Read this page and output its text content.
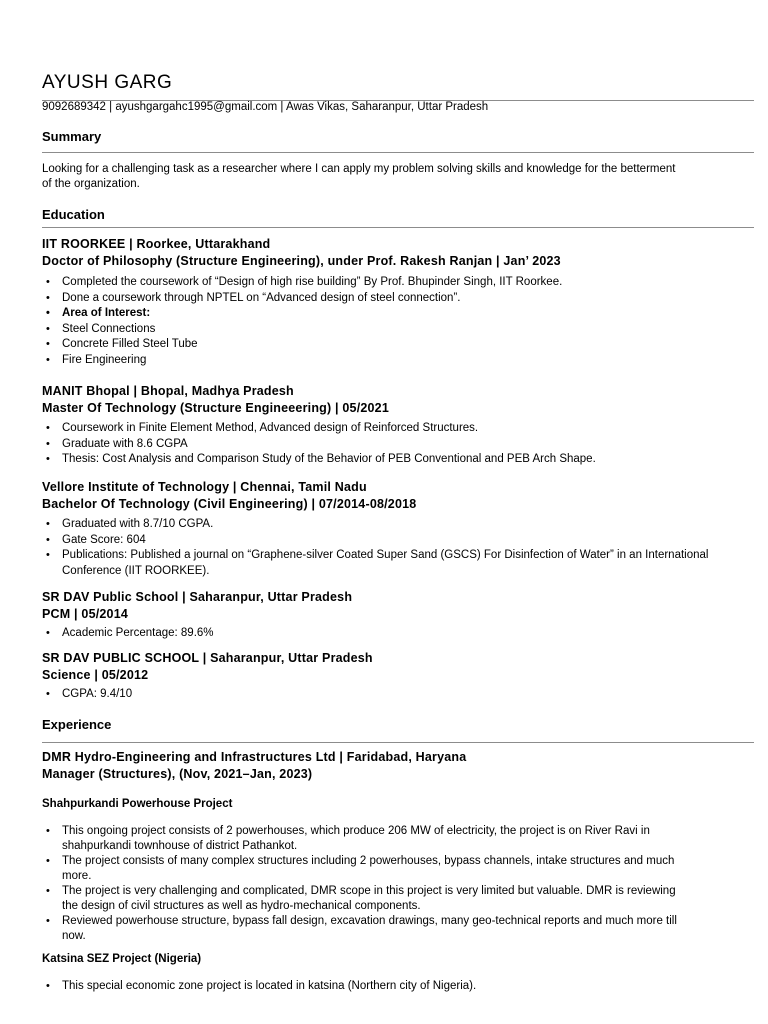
AYUSH GARG
9092689342 | ayushgargahc1995@gmail.com | Awas Vikas, Saharanpur, Uttar Pradesh
Summary
Looking for a challenging task as a researcher where I can apply my problem solving skills and knowledge for the betterment of the organization.
Education
IIT ROORKEE | Roorkee, Uttarakhand
Doctor of Philosophy (Structure Engineering), under Prof. Rakesh Ranjan | Jan’ 2023
• Completed the coursework of “Design of high rise building” By Prof. Bhupinder Singh, IIT Roorkee.
• Done a coursework through NPTEL on “Advanced design of steel connection”.
• Area of Interest:
• Steel Connections
• Concrete Filled Steel Tube
• Fire Engineering
MANIT Bhopal | Bhopal, Madhya Pradesh
Master Of Technology (Structure Engineeering) | 05/2021
• Coursework in Finite Element Method, Advanced design of Reinforced Structures.
• Graduate with 8.6 CGPA
• Thesis: Cost Analysis and Comparison Study of the Behavior of PEB Conventional and PEB Arch Shape.
Vellore Institute of Technology | Chennai, Tamil Nadu
Bachelor Of Technology (Civil Engineering) | 07/2014-08/2018
• Graduated with 8.7/10 CGPA.
• Gate Score: 604
• Publications: Published a journal on “Graphene-silver Coated Super Sand (GSCS) For Disinfection of Water” in an International Conference (IIT ROORKEE).
SR DAV Public School | Saharanpur, Uttar Pradesh
PCM | 05/2014
• Academic Percentage: 89.6%
SR DAV PUBLIC SCHOOL | Saharanpur, Uttar Pradesh
Science | 05/2012
• CGPA: 9.4/10
Experience
DMR Hydro-Engineering and Infrastructures Ltd | Faridabad, Haryana
Manager (Structures), (Nov, 2021–Jan, 2023)
Shahpurkandi Powerhouse Project
• This ongoing project consists of 2 powerhouses, which produce 206 MW of electricity, the project is on River Ravi in shahpurkandi townhouse of district Pathankot.
• The project consists of many complex structures including 2 powerhouses, bypass channels, intake structures and much more.
• The project is very challenging and complicated, DMR scope in this project is very limited but valuable. DMR is reviewing the design of civil structures as well as hydro-mechanical components.
• Reviewed powerhouse structure, bypass fall design, excavation drawings, many geo-technical reports and much more till now.
Katsina SEZ Project (Nigeria)
• This special economic zone project is located in katsina (Northern city of Nigeria).
